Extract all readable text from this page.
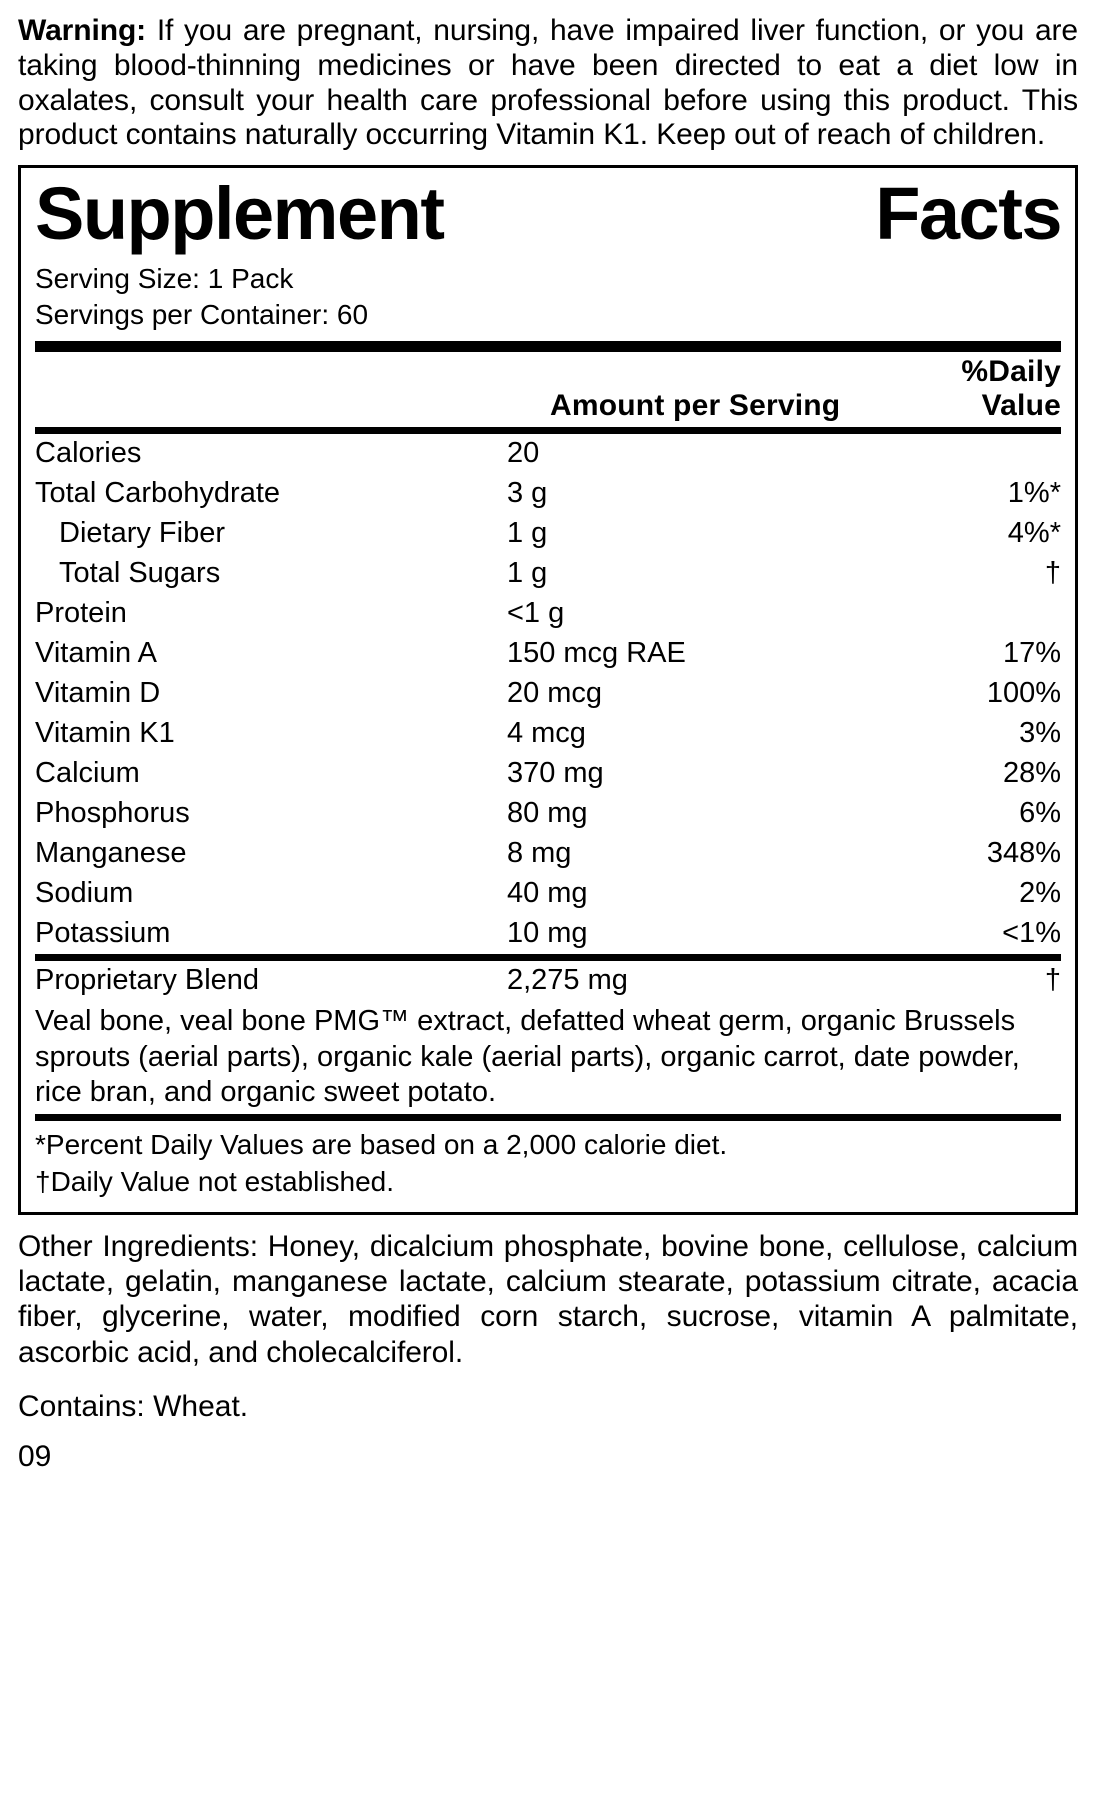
Warning: If you are pregnant, nursing, have impaired liver function, or you are taking blood-thinning medicines or have been directed to eat a diet low in oxalates, consult your health care professional before using this product. This product contains naturally occurring Vitamin K1. Keep out of reach of children.

Supplement	Facts
Serving Size: 1 Pack
Servings per Container: 60
	Amount per Serving	%Daily Value
Calories	20	
Total Carbohydrate	3 g	1%*
Dietary Fiber	1 g	4%*
Total Sugars	1 g	†
Protein	<1 g	
Vitamin A	150 mcg RAE	17%
Vitamin D	20 mcg	100%
Vitamin K1	4 mcg	3%
Calcium	370 mg	28%
Phosphorus	80 mg	6%
Manganese	8 mg	348%
Sodium	40 mg	2%
Potassium	10 mg	<1%
Proprietary Blend	2,275 mg	†
Veal bone, veal bone PMG™ extract, defatted wheat germ, organic Brussels sprouts (aerial parts), organic kale (aerial parts), organic carrot, date powder, rice bran, and organic sweet potato.
*Percent Daily Values are based on a 2,000 calorie diet.
†Daily Value not established.

Other Ingredients: Honey, dicalcium phosphate, bovine bone, cellulose, calcium lactate, gelatin, manganese lactate, calcium stearate, potassium citrate, acacia fiber, glycerine, water, modified corn starch, sucrose, vitamin A palmitate, ascorbic acid, and cholecalciferol.

Contains: Wheat.

09
